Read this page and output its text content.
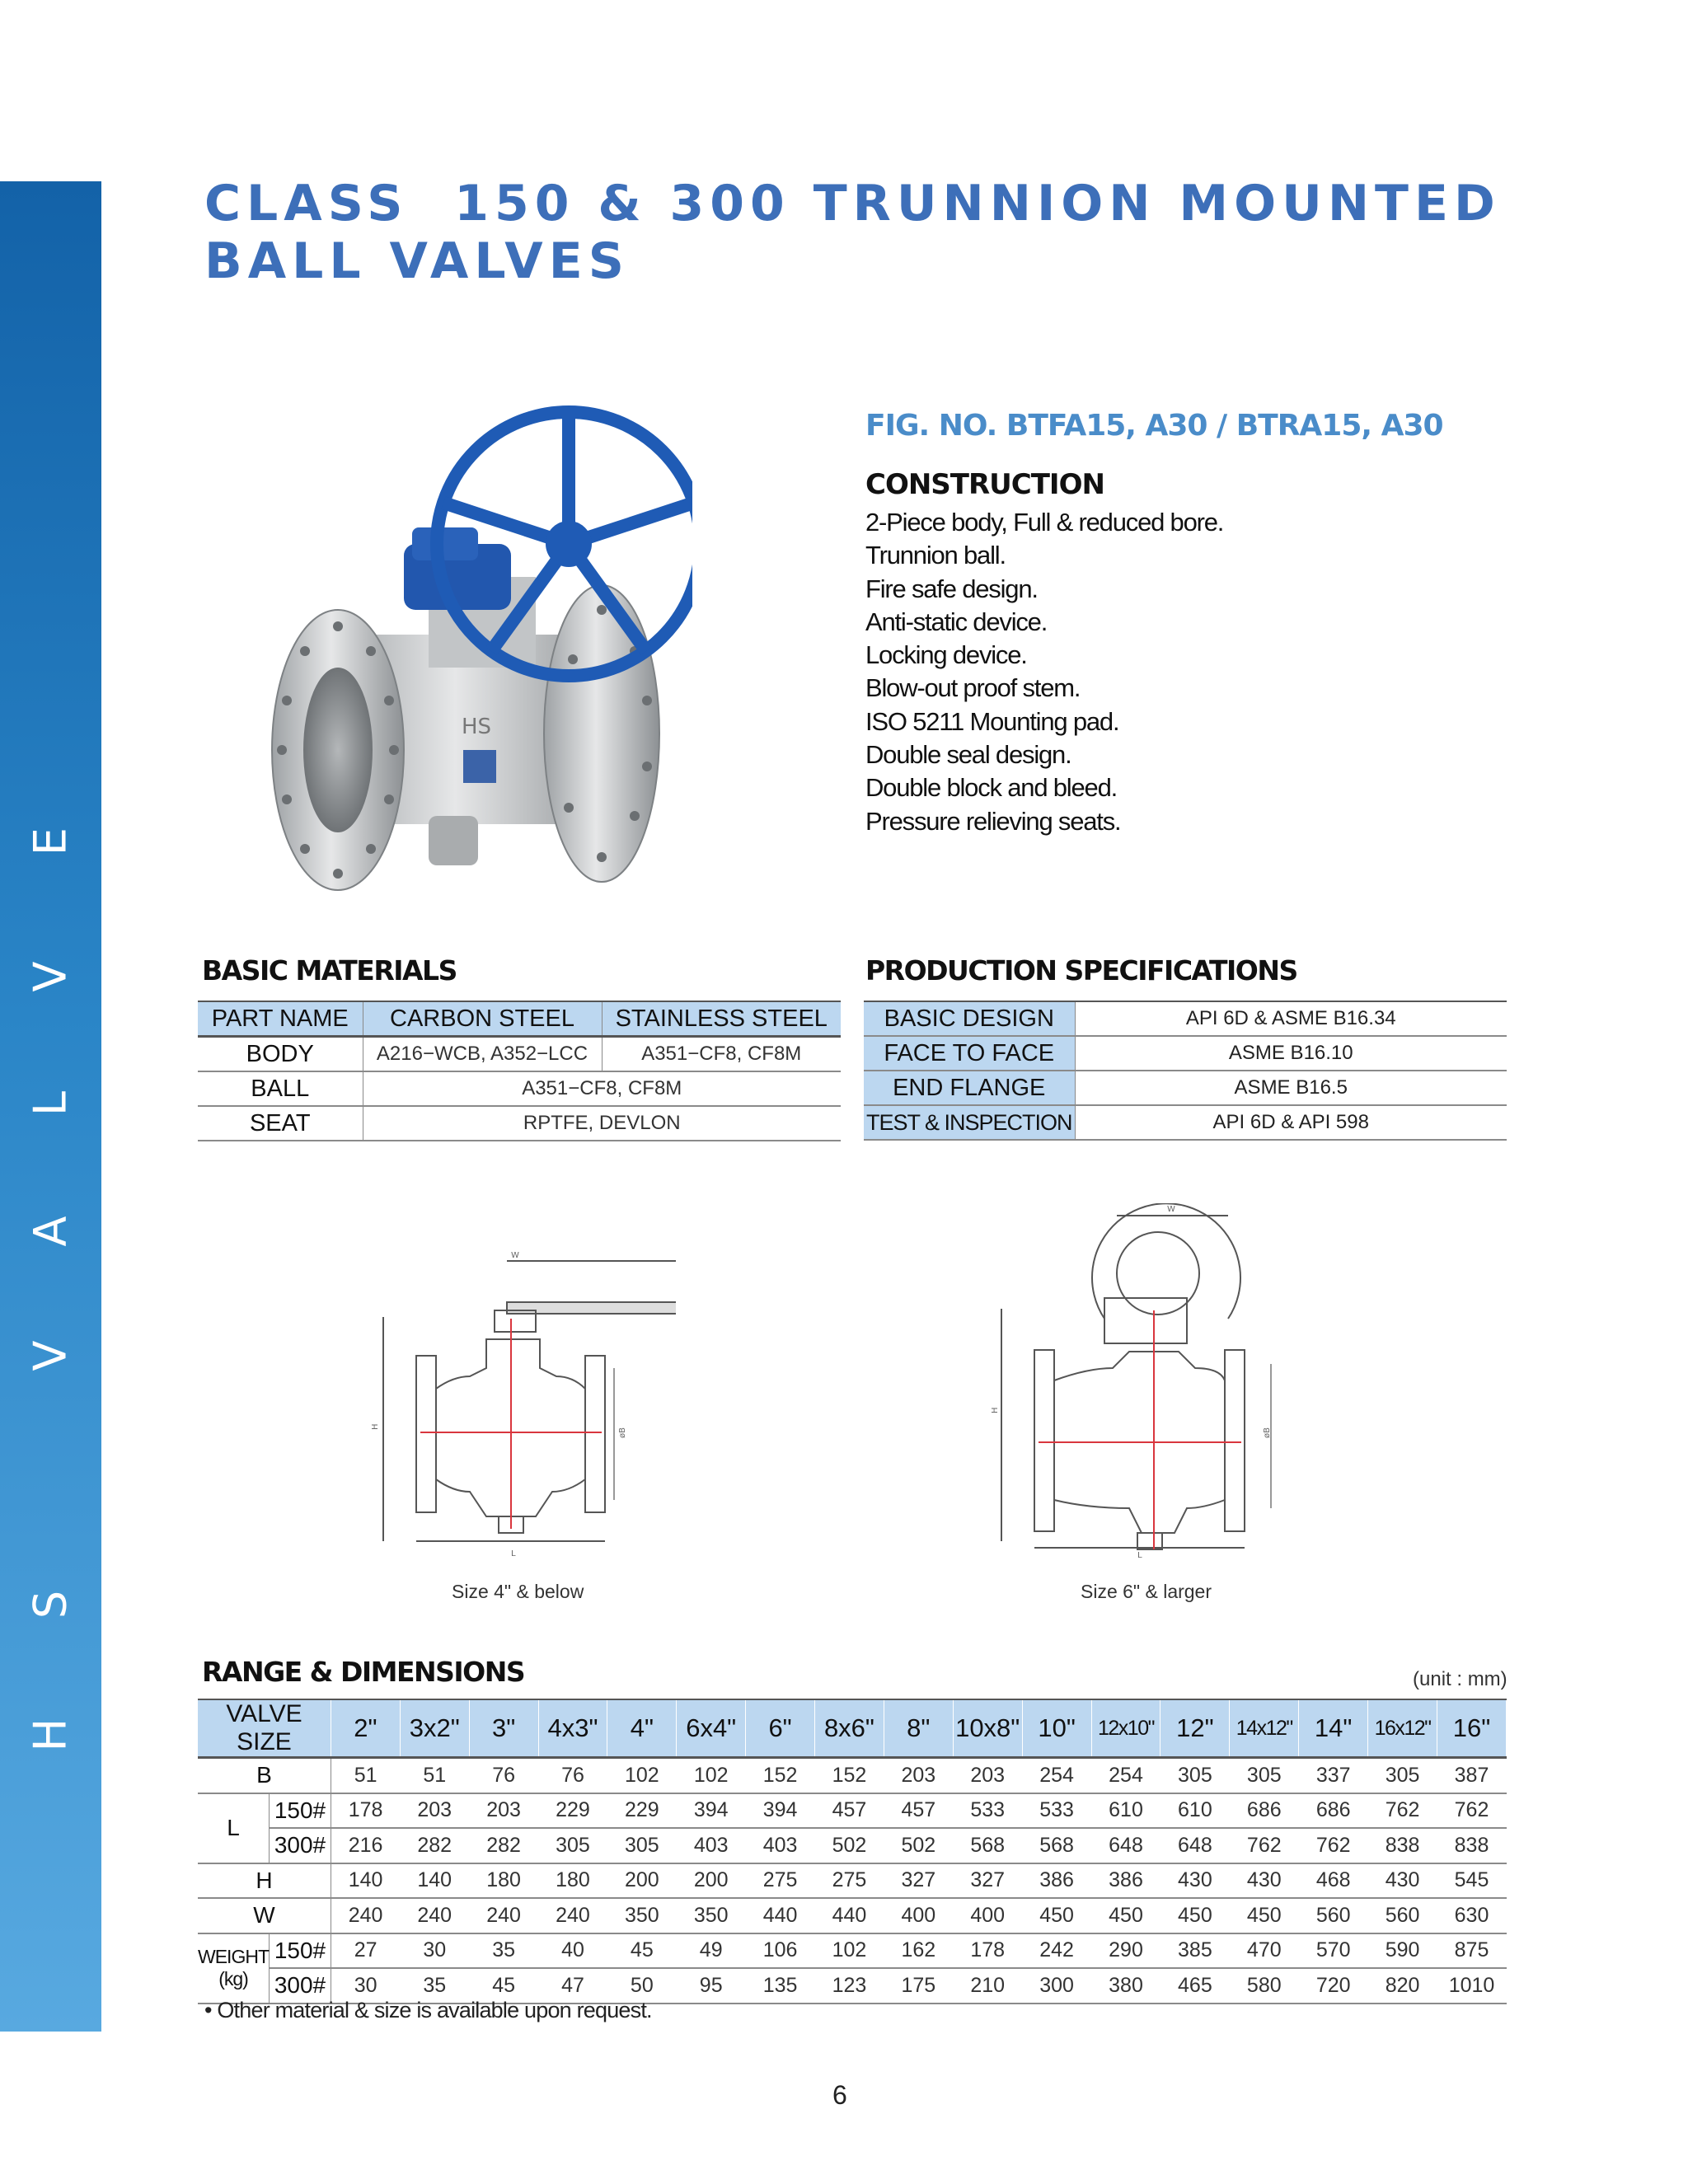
H
S
V
A
L
V
E
CLASS  150 & 300 TRUNNION MOUNTED
BALL VALVES
HS
FIG. NO. BTFA15, A30 / BTRA15, A30
CONSTRUCTION
2-Piece body, Full & reduced bore.
Trunnion ball.
Fire safe design.
Anti-static device.
Locking device.
Blow-out proof stem.
ISO 5211 Mounting pad.
Double seal design.
Double block and bleed.
Pressure relieving seats.
BASIC MATERIALS
PART NAME	CARBON STEEL	STAINLESS STEEL
BODY	A216−WCB, A352−LCC	A351−CF8, CF8M
BALL	A351−CF8, CF8M	
SEAT	RPTFE, DEVLON	
PRODUCTION SPECIFICATIONS
BASIC DESIGN	API 6D & ASME B16.34
FACE TO FACE	ASME B16.10
END FLANGE	ASME B16.5
TEST & INSPECTION	API 6D & API 598
W
H
L
øB
Size 4" & below
W
H
L
øB
Size 6" & larger
RANGE & DIMENSIONS	(unit : mm)
VALVE SIZE		2"	3x2"	3"	4x3"	4"	6x4"	6"	8x6"	8"	10x8"	10"	12x10"	12"	14x12"	14"	16x12"	16"
B		51	51	76	76	102	102	152	152	203	203	254	254	305	305	337	305	387
L	150#	178	203	203	229	229	394	394	457	457	533	533	610	610	686	686	762	762
	300#	216	282	282	305	305	403	403	502	502	568	568	648	648	762	762	838	838
H		140	140	180	180	200	200	275	275	327	327	386	386	430	430	468	430	545
W		240	240	240	240	350	350	440	440	400	400	450	450	450	450	560	560	630

WEIGHT
(kg)	150#	27	30	35	40	45	49	106	102	162	178	242	290	385	470	570	590	875
	300#	30	35	45	47	50	95	135	123	175	210	300	380	465	580	720	820	1010
• Other material & size is available upon request.
6
